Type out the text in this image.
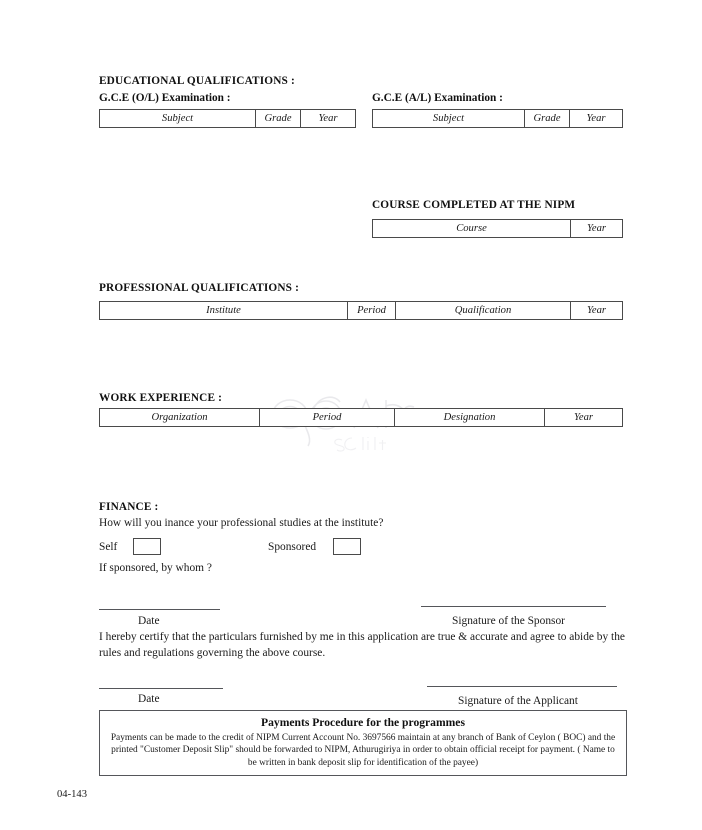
EDUCATIONAL QUALIFICATIONS :
G.C.E (O/L) Examination :
Subject	Grade	Year
G.C.E (A/L) Examination :
Subject	Grade	Year
COURSE COMPLETED AT THE NIPM
Course	Year
PROFESSIONAL QUALIFICATIONS :
Institute	Period	Qualification	Year
WORK EXPERIENCE :
Organization	Period	Designation	Year
FINANCE :
How will you inance your professional studies at the institute?
Self	Sponsored
If sponsored, by whom ?
Date	Signature of the Sponsor
I hereby certify that the particulars furnished by me in this application are true & accurate and agree to abide by the rules and regulations governing the above course.
Date	Signature of the Applicant
Payments Procedure for the programmes
Payments can be made to the credit of NIPM Current Account No. 3697566 maintain at any branch of Bank of Ceylon ( BOC) and the printed "Customer Deposit Slip" should be forwarded to NIPM, Athurugiriya in order to obtain official receipt for payment. ( Name to be written in bank deposit slip for identification of the payee)
04-143
